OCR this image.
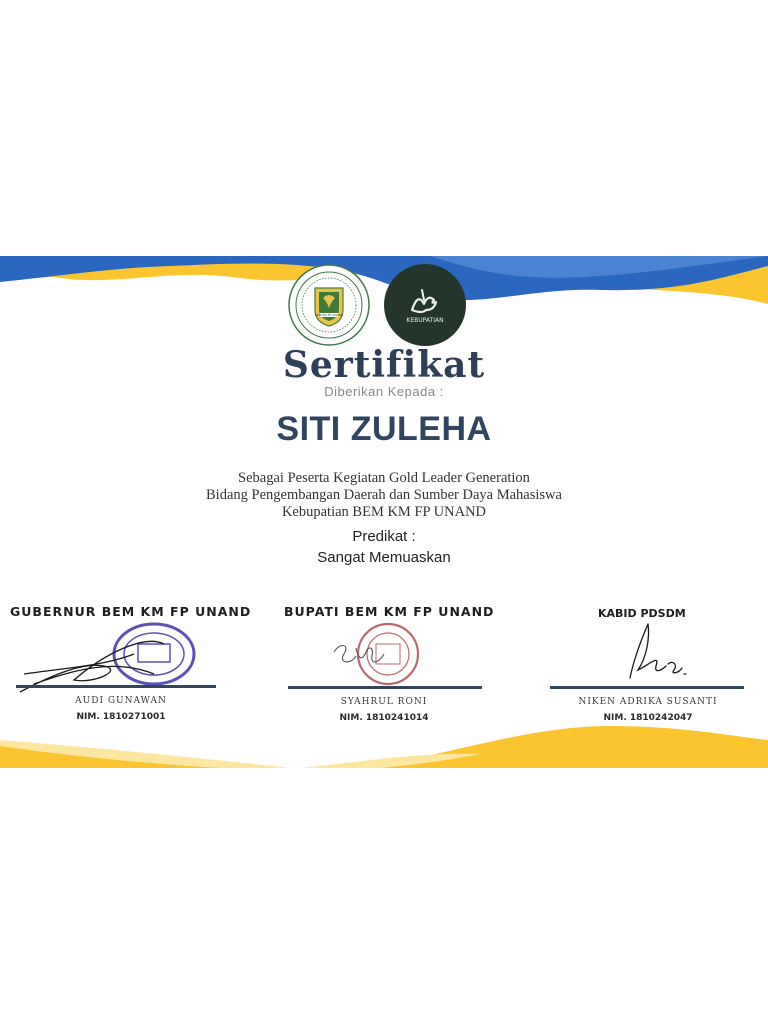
BEM KM FP UNAND
KEBUPATIAN
Sertifikat
Diberikan Kepada :
SITI ZULEHA
Sebagai Peserta Kegiatan Gold Leader Generation
Bidang Pengembangan Daerah dan Sumber Daya Mahasiswa
Kebupatian BEM KM FP UNAND
Predikat :
Sangat Memuaskan
GUBERNUR BEM KM FP UNAND
AUDI GUNAWAN
NIM. 1810271001
BUPATI BEM KM FP UNAND
SYAHRUL RONI
NIM. 1810241014
KABID PDSDM
NIKEN ADRIKA SUSANTI
NIM. 1810242047
